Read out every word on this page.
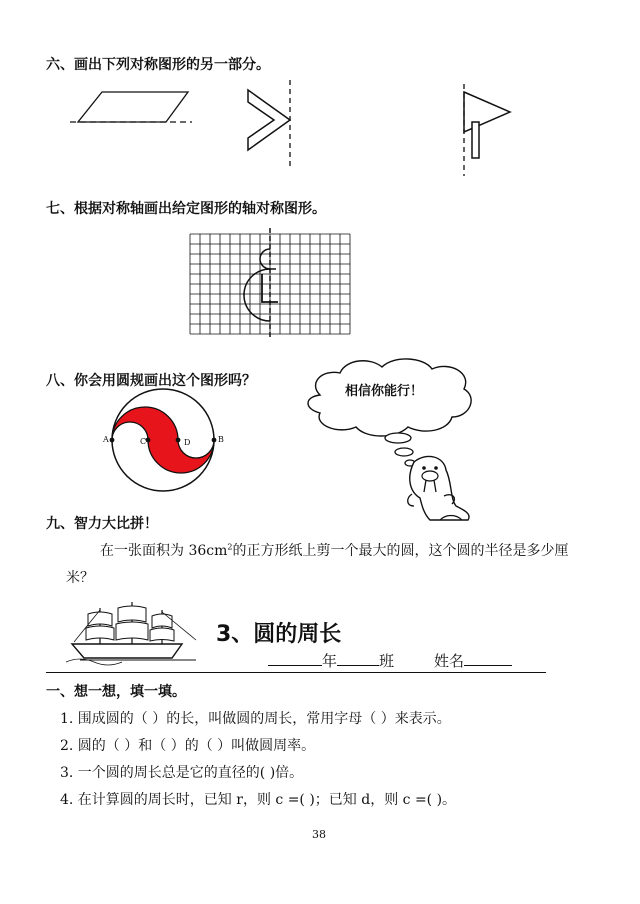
六、画出下列对称图形的另一部分。
七、根据对称轴画出给定图形的轴对称图形。
八、你会用圆规画出这个图形吗？
相信你能行！
A	C	D	B
九、智力大比拼！
在一张面积为 $36cm^2$的正方形纸上剪一个最大的圆，这个圆的半径是多少厘
米？
3、圆的周长
年	班	姓名
一、想一想，填一填。
1. 围成圆的（ ）的长，叫做圆的周长，常用字母（ ）来表示。
2. 圆的（ ）和（ ）的（ ）叫做圆周率。
3. 一个圆的周长总是它的直径的( )倍。
4. 在计算圆的周长时，已知 r，则 c =( )；已知 d，则 c =( )。
38
